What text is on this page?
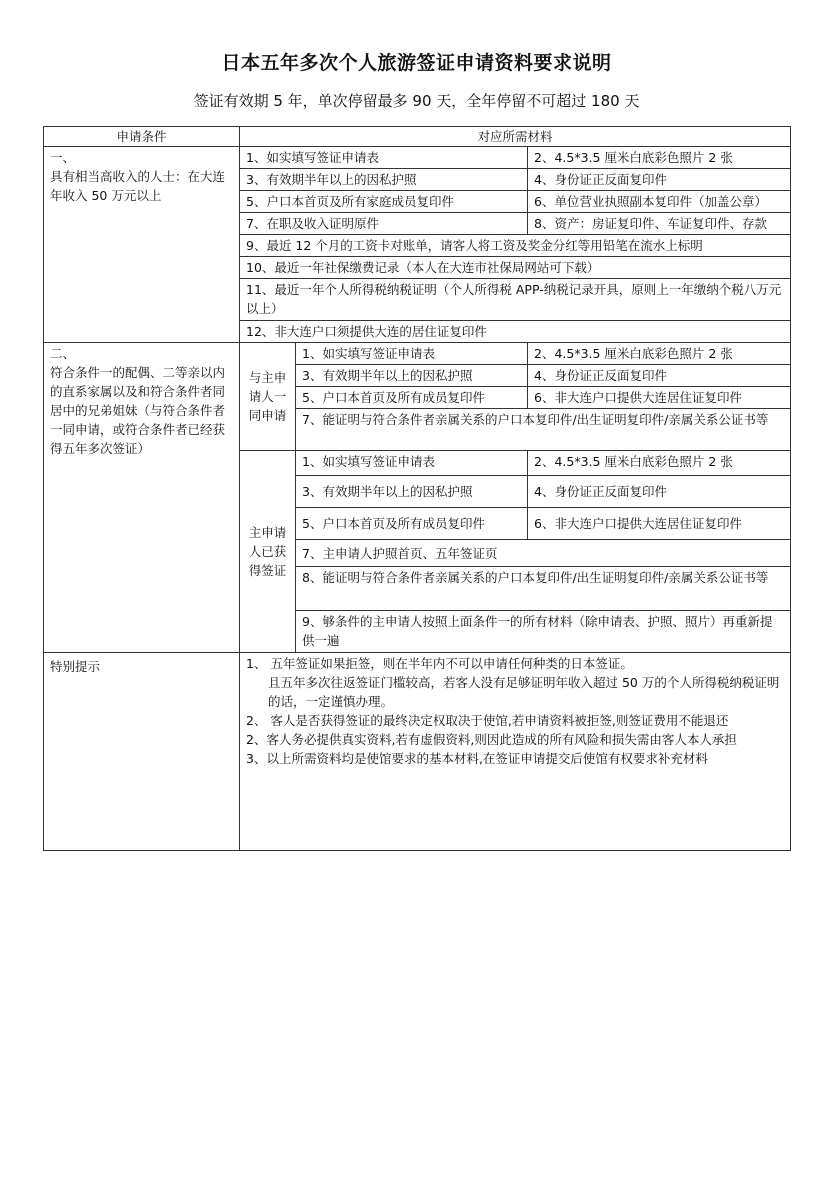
日本五年多次个人旅游签证申请资料要求说明
签证有效期 5 年，单次停留最多 90 天，全年停留不可超过 180 天
申请条件	对应所需材料		

一、
具有相当高收入的人士：在大连年收入 50 万元以上	1、如实填写签证申请表		2、4.5*3.5 厘米白底彩色照片 2 张
	3、有效期半年以上的因私护照		4、身份证正反面复印件
	5、户口本首页及所有家庭成员复印件		6、单位营业执照副本复印件（加盖公章）
	7、在职及收入证明原件		8、资产：房证复印件、车证复印件、存款
	9、最近 12 个月的工资卡对账单，请客人将工资及奖金分红等用铅笔在流水上标明		
	10、最近一年社保缴费记录（本人在大连市社保局网站可下载）		
	11、最近一年个人所得税纳税证明（个人所得税 APP-纳税记录开具，原则上一年缴纳个税八万元以上）		
	12、非大连户口须提供大连的居住证复印件		

二、
符合条件一的配偶、二等亲以内的直系家属以及和符合条件者同居中的兄弟姐妹（与符合条件者一同申请，或符合条件者已经获得五年多次签证）	与主申请人一同申请	1、如实填写签证申请表	2、4.5*3.5 厘米白底彩色照片 2 张
		3、有效期半年以上的因私护照	4、身份证正反面复印件
		5、户口本首页及所有成员复印件	6、非大连户口提供大连居住证复印件
		7、能证明与符合条件者亲属关系的户口本复印件/出生证明复印件/亲属关系公证书等	
	主申请人已获得签证	1、如实填写签证申请表	2、4.5*3.5 厘米白底彩色照片 2 张
		3、有效期半年以上的因私护照	4、身份证正反面复印件
		5、户口本首页及所有成员复印件	6、非大连户口提供大连居住证复印件
		7、主申请人护照首页、五年签证页	
		8、能证明与符合条件者亲属关系的户口本复印件/出生证明复印件/亲属关系公证书等	
		9、够条件的主申请人按照上面条件一的所有材料（除申请表、护照、照片）再重新提供一遍	
特别提示	1、 五年签证如果拒签，则在半年内不可以申请任何种类的日本签证。
且五年多次往返签证门槛较高，若客人没有足够证明年收入超过 50 万的个人所得税纳税证明的话，一定谨慎办理。
2、 客人是否获得签证的最终决定权取决于使馆,若申请资料被拒签,则签证费用不能退还
2、客人务必提供真实资料,若有虚假资料,则因此造成的所有风险和损失需由客人本人承担
3、以上所需资料均是使馆要求的基本材料,在签证申请提交后使馆有权要求补充材料		
